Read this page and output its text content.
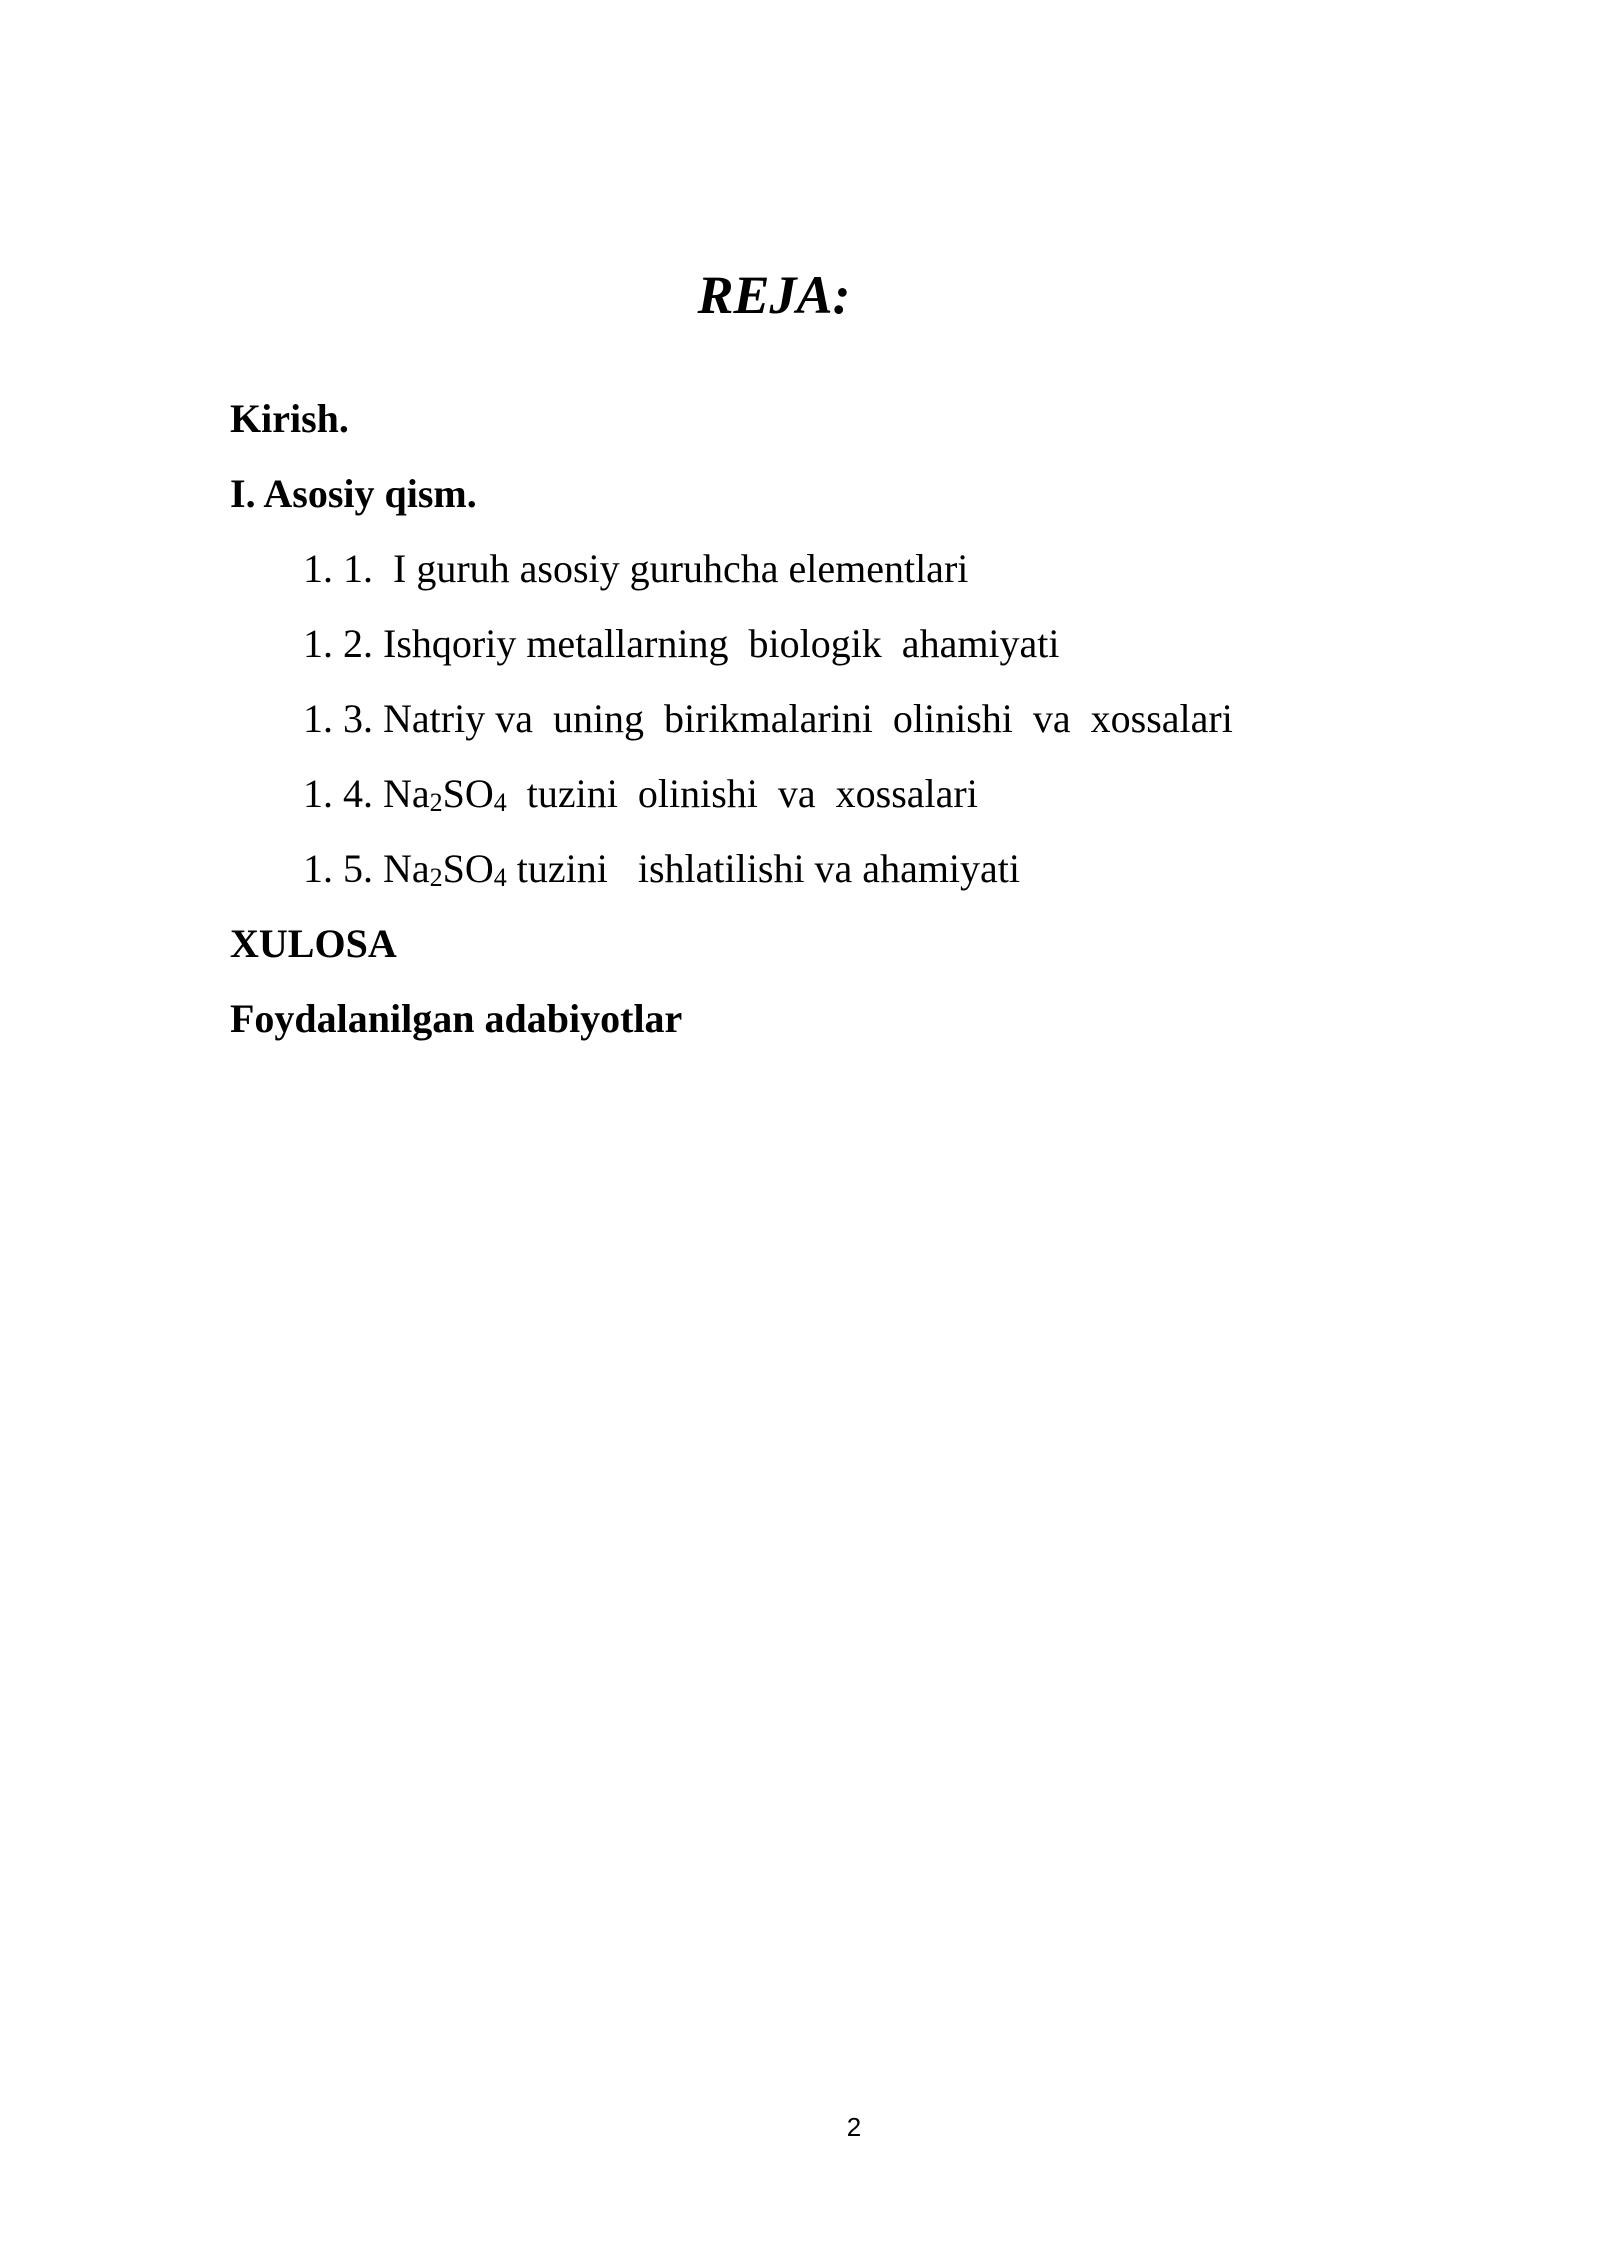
REJA:
Kirish.
I. Asosiy qism.
1. 1.  I guruh asosiy guruhcha elementlari
1. 2. Ishqoriy metallarning  biologik  ahamiyati
1. 3. Natriy va  uning  birikmalarini  olinishi  va  xossalari
1. 4. $Na_2SO_4$  tuzini  olinishi  va  xossalari
1. 5. $Na_2SO_4$ tuzini   ishlatilishi va ahamiyati
XULOSA
Foydalanilgan adabiyotlar
2
